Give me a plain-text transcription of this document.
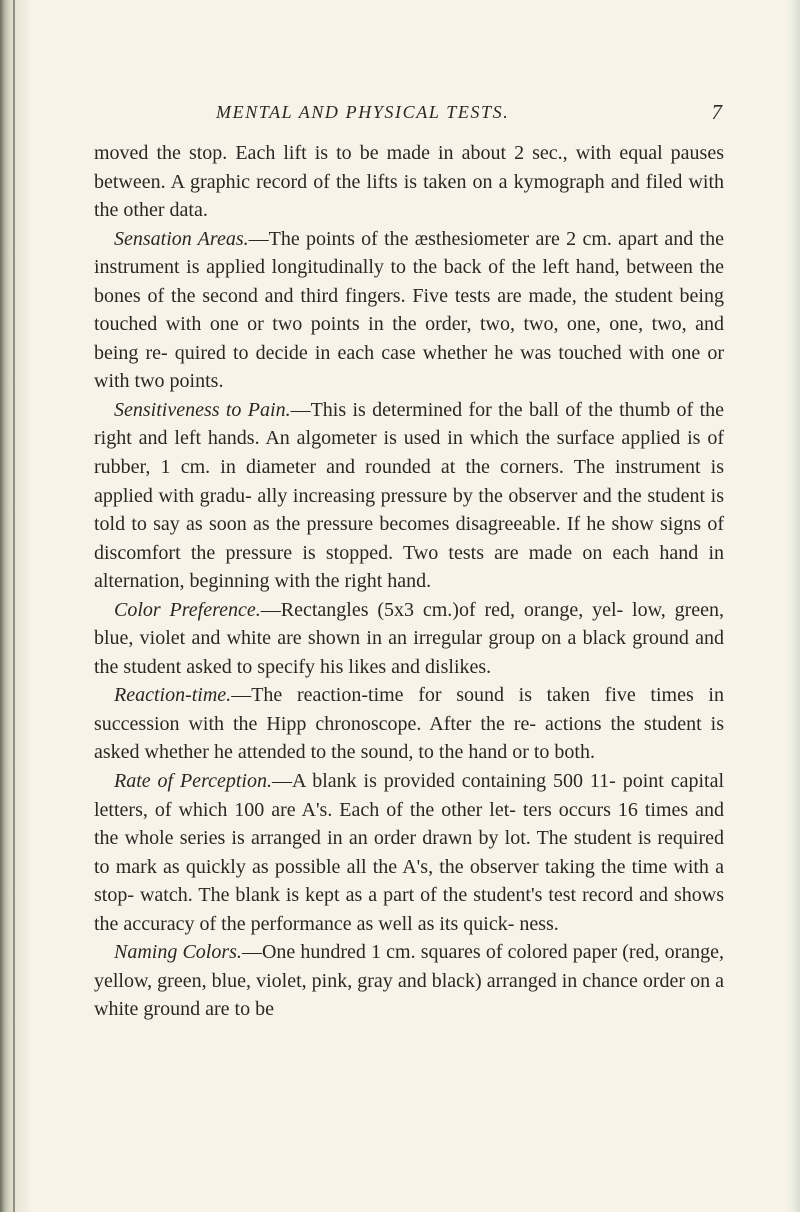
MENTAL AND PHYSICAL TESTS.	7

moved the stop. Each lift is to be made in about 2 sec., with equal pauses between. A graphic record of the lifts is taken on a kymograph and filed with the other data.

Sensation Areas.—The points of the æsthesiometer are 2 cm. apart and the instrument is applied longitudinally to the back of the left hand, between the bones of the second and third fingers. Five tests are made, the student being touched with one or two points in the order, two, two, one, one, two, and being re- quired to decide in each case whether he was touched with one or with two points.

Sensitiveness to Pain.—This is determined for the ball of the thumb of the right and left hands. An algometer is used in which the surface applied is of rubber, 1 cm. in diameter and rounded at the corners. The instrument is applied with gradu- ally increasing pressure by the observer and the student is told to say as soon as the pressure becomes disagreeable. If he show signs of discomfort the pressure is stopped. Two tests are made on each hand in alternation, beginning with the right hand.

Color Preference.—Rectangles (5x3 cm.)of red, orange, yel- low, green, blue, violet and white are shown in an irregular group on a black ground and the student asked to specify his likes and dislikes.

Reaction-time.—The reaction-time for sound is taken five times in succession with the Hipp chronoscope. After the re- actions the student is asked whether he attended to the sound, to the hand or to both.

Rate of Perception.—A blank is provided containing 500 11- point capital letters, of which 100 are A's. Each of the other let- ters occurs 16 times and the whole series is arranged in an order drawn by lot. The student is required to mark as quickly as possible all the A's, the observer taking the time with a stop- watch. The blank is kept as a part of the student's test record and shows the accuracy of the performance as well as its quick- ness.

Naming Colors.—One hundred 1 cm. squares of colored paper (red, orange, yellow, green, blue, violet, pink, gray and black) arranged in chance order on a white ground are to be
